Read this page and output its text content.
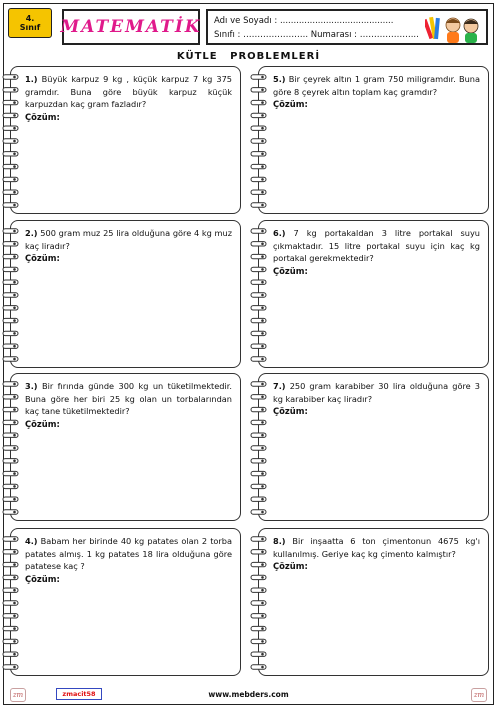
4.
Sınıf MATEMATİK Adı ve Soyadı : ..........................................
Sınıfı : ………………….. Numarası : ………………...
KÜTLE PROBLEMLERİ
1.) Büyük karpuz 9 kg , küçük karpuz 7 kg 375 gramdır. Buna göre büyük karpuz küçük karpuzdan kaç gram fazladır?
Çözüm:
5.) Bir çeyrek altın 1 gram 750 miligramdır. Buna göre 8 çeyrek altın toplam kaç gramdır?
Çözüm:
2.) 500 gram muz 25 lira olduğuna göre 4 kg muz kaç liradır?
Çözüm:
6.) 7 kg portakaldan 3 litre portakal suyu çıkmaktadır. 15 litre portakal suyu için kaç kg portakal gerekmektedir?
Çözüm:
3.) Bir fırında günde 300 kg un tüketilmektedir. Buna göre her biri 25 kg olan un torbalarından kaç tane tüketilmektedir?
Çözüm:
7.) 250 gram karabiber 30 lira olduğuna göre 3 kg karabiber kaç liradır?
Çözüm:
4.) Babam her birinde 40 kg patates olan 2 torba patates almış. 1 kg patates 18 lira olduğuna göre patatese kaç ?
Çözüm:
8.) Bir inşaatta 6 ton çimentonun 4675 kg'ı kullanılmış. Geriye kaç kg çimento kalmıştır?
Çözüm:
zm	zmacit58	www.mebders.com	zm
